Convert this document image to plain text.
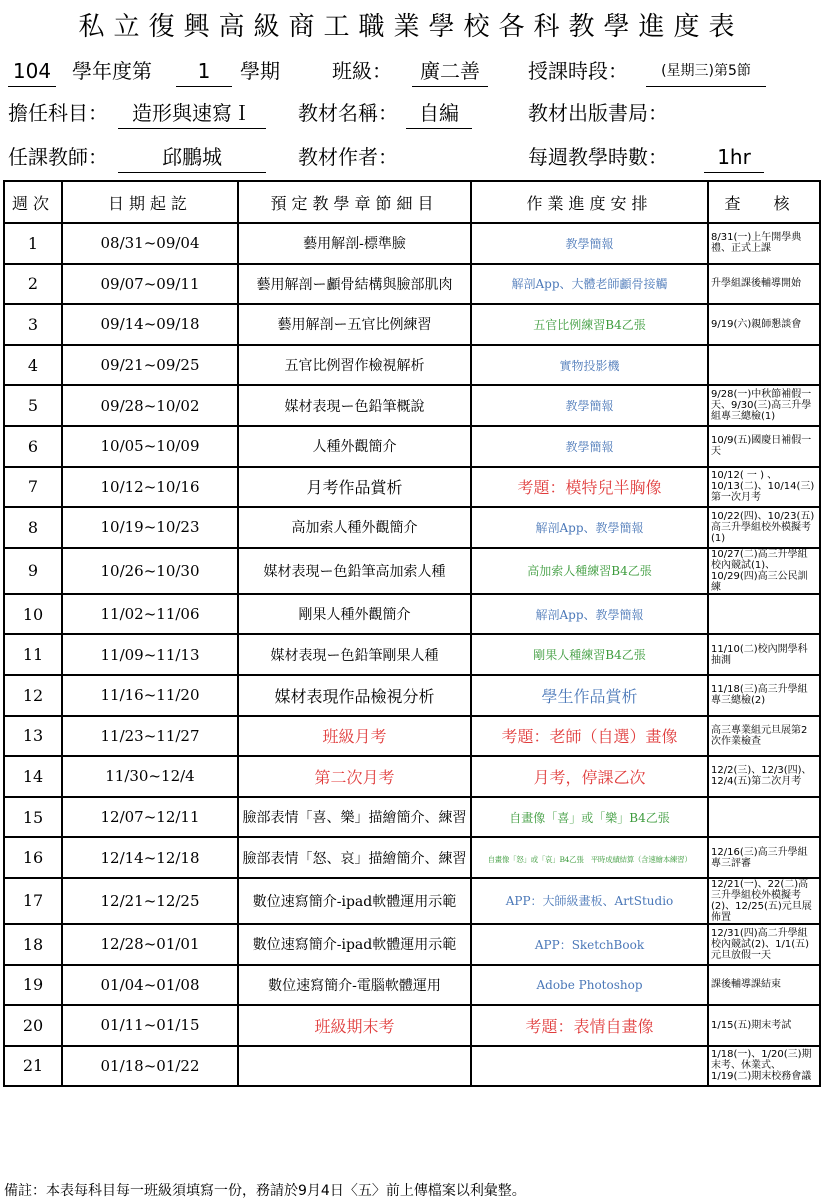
私立復興高級商工職業學校各科教學進度表
104 學年度第	1	學期	班級：	廣二善	授課時段：	(星期三)第5節
擔任科目：	造形與速寫Ｉ	教材名稱：	自編	教材出版書局：
任課教師：	邱鵬城	教材作者：	每週教學時數：	1hr
週次	日期起訖	預定教學章節細目	作業進度安排	查 核
1	08/31~09/04	藝用解剖-標準臉	教學簡報	8/31(一)上午開學典禮、正式上課
2	09/07~09/11	藝用解剖ー顱骨結構與臉部肌肉	解剖App、大體老師顱骨接觸	升學組課後輔導開始
3	09/14~09/18	藝用解剖ー五官比例練習	五官比例練習B4乙張	9/19(六)親師懇談會
4	09/21~09/25	五官比例習作檢視解析	實物投影機	
5	09/28~10/02	媒材表現ー色鉛筆概說	教學簡報	9/28(一)中秋節補假一天、9/30(三)高三升學組專三總檢(1)
6	10/05~10/09	人種外觀簡介	教學簡報	10/9(五)國慶日補假一天
7	10/12~10/16	月考作品賞析	考題：模特兒半胸像	10/12( 一 ) 、10/13(二)、10/14(三)第一次月考
8	10/19~10/23	高加索人種外觀簡介	解剖App、教學簡報	10/22(四)、10/23(五)高三升學組校外模擬考(1)
9	10/26~10/30	媒材表現ー色鉛筆高加索人種	高加索人種練習B4乙張	10/27(二)高三升學組校內競試(1)、10/29(四)高三公民訓練
10	11/02~11/06	剛果人種外觀簡介	解剖App、教學簡報	
11	11/09~11/13	媒材表現ー色鉛筆剛果人種	剛果人種練習B4乙張	11/10(二)校內開學科抽測
12	11/16~11/20	媒材表現作品檢視分析	學生作品賞析	11/18(三)高三升學組專三總檢(2)
13	11/23~11/27	班級月考	考題：老師（自選）畫像	高三專業組元旦展第2次作業檢查
14	11/30~12/4	第二次月考	月考，停課乙次	12/2(三)、12/3(四)、12/4(五)第二次月考
15	12/07~12/11	臉部表情「喜、樂」描繪簡介、練習	自畫像「喜」或「樂」B4乙張	
16	12/14~12/18	臉部表情「怒、哀」描繪簡介、練習	自畫像「怒」或「哀」B4乙張　平時成績結算（含速繪本練習）	12/16(三)高三升學組專三評審
17	12/21~12/25	數位速寫簡介-ipad軟體運用示範	APP：大師級畫板、ArtStudio	12/21(一)、22(二)高三升學組校外模擬考(2)、12/25(五)元旦展佈置
18	12/28~01/01	數位速寫簡介-ipad軟體運用示範	APP：SketchBook	12/31(四)高二升學組校內競試(2)、1/1(五)元旦放假一天
19	01/04~01/08	數位速寫簡介-電腦軟體運用	Adobe Photoshop	課後輔導課結束
20	01/11~01/15	班級期末考	考題：表情自畫像	1/15(五)期末考試
21	01/18~01/22			1/18(一)、1/20(三)期末考、休業式、1/19(二)期末校務會議
備註：本表每科目每一班級須填寫一份，務請於9月4日〈五〉前上傳檔案以利彙整。
